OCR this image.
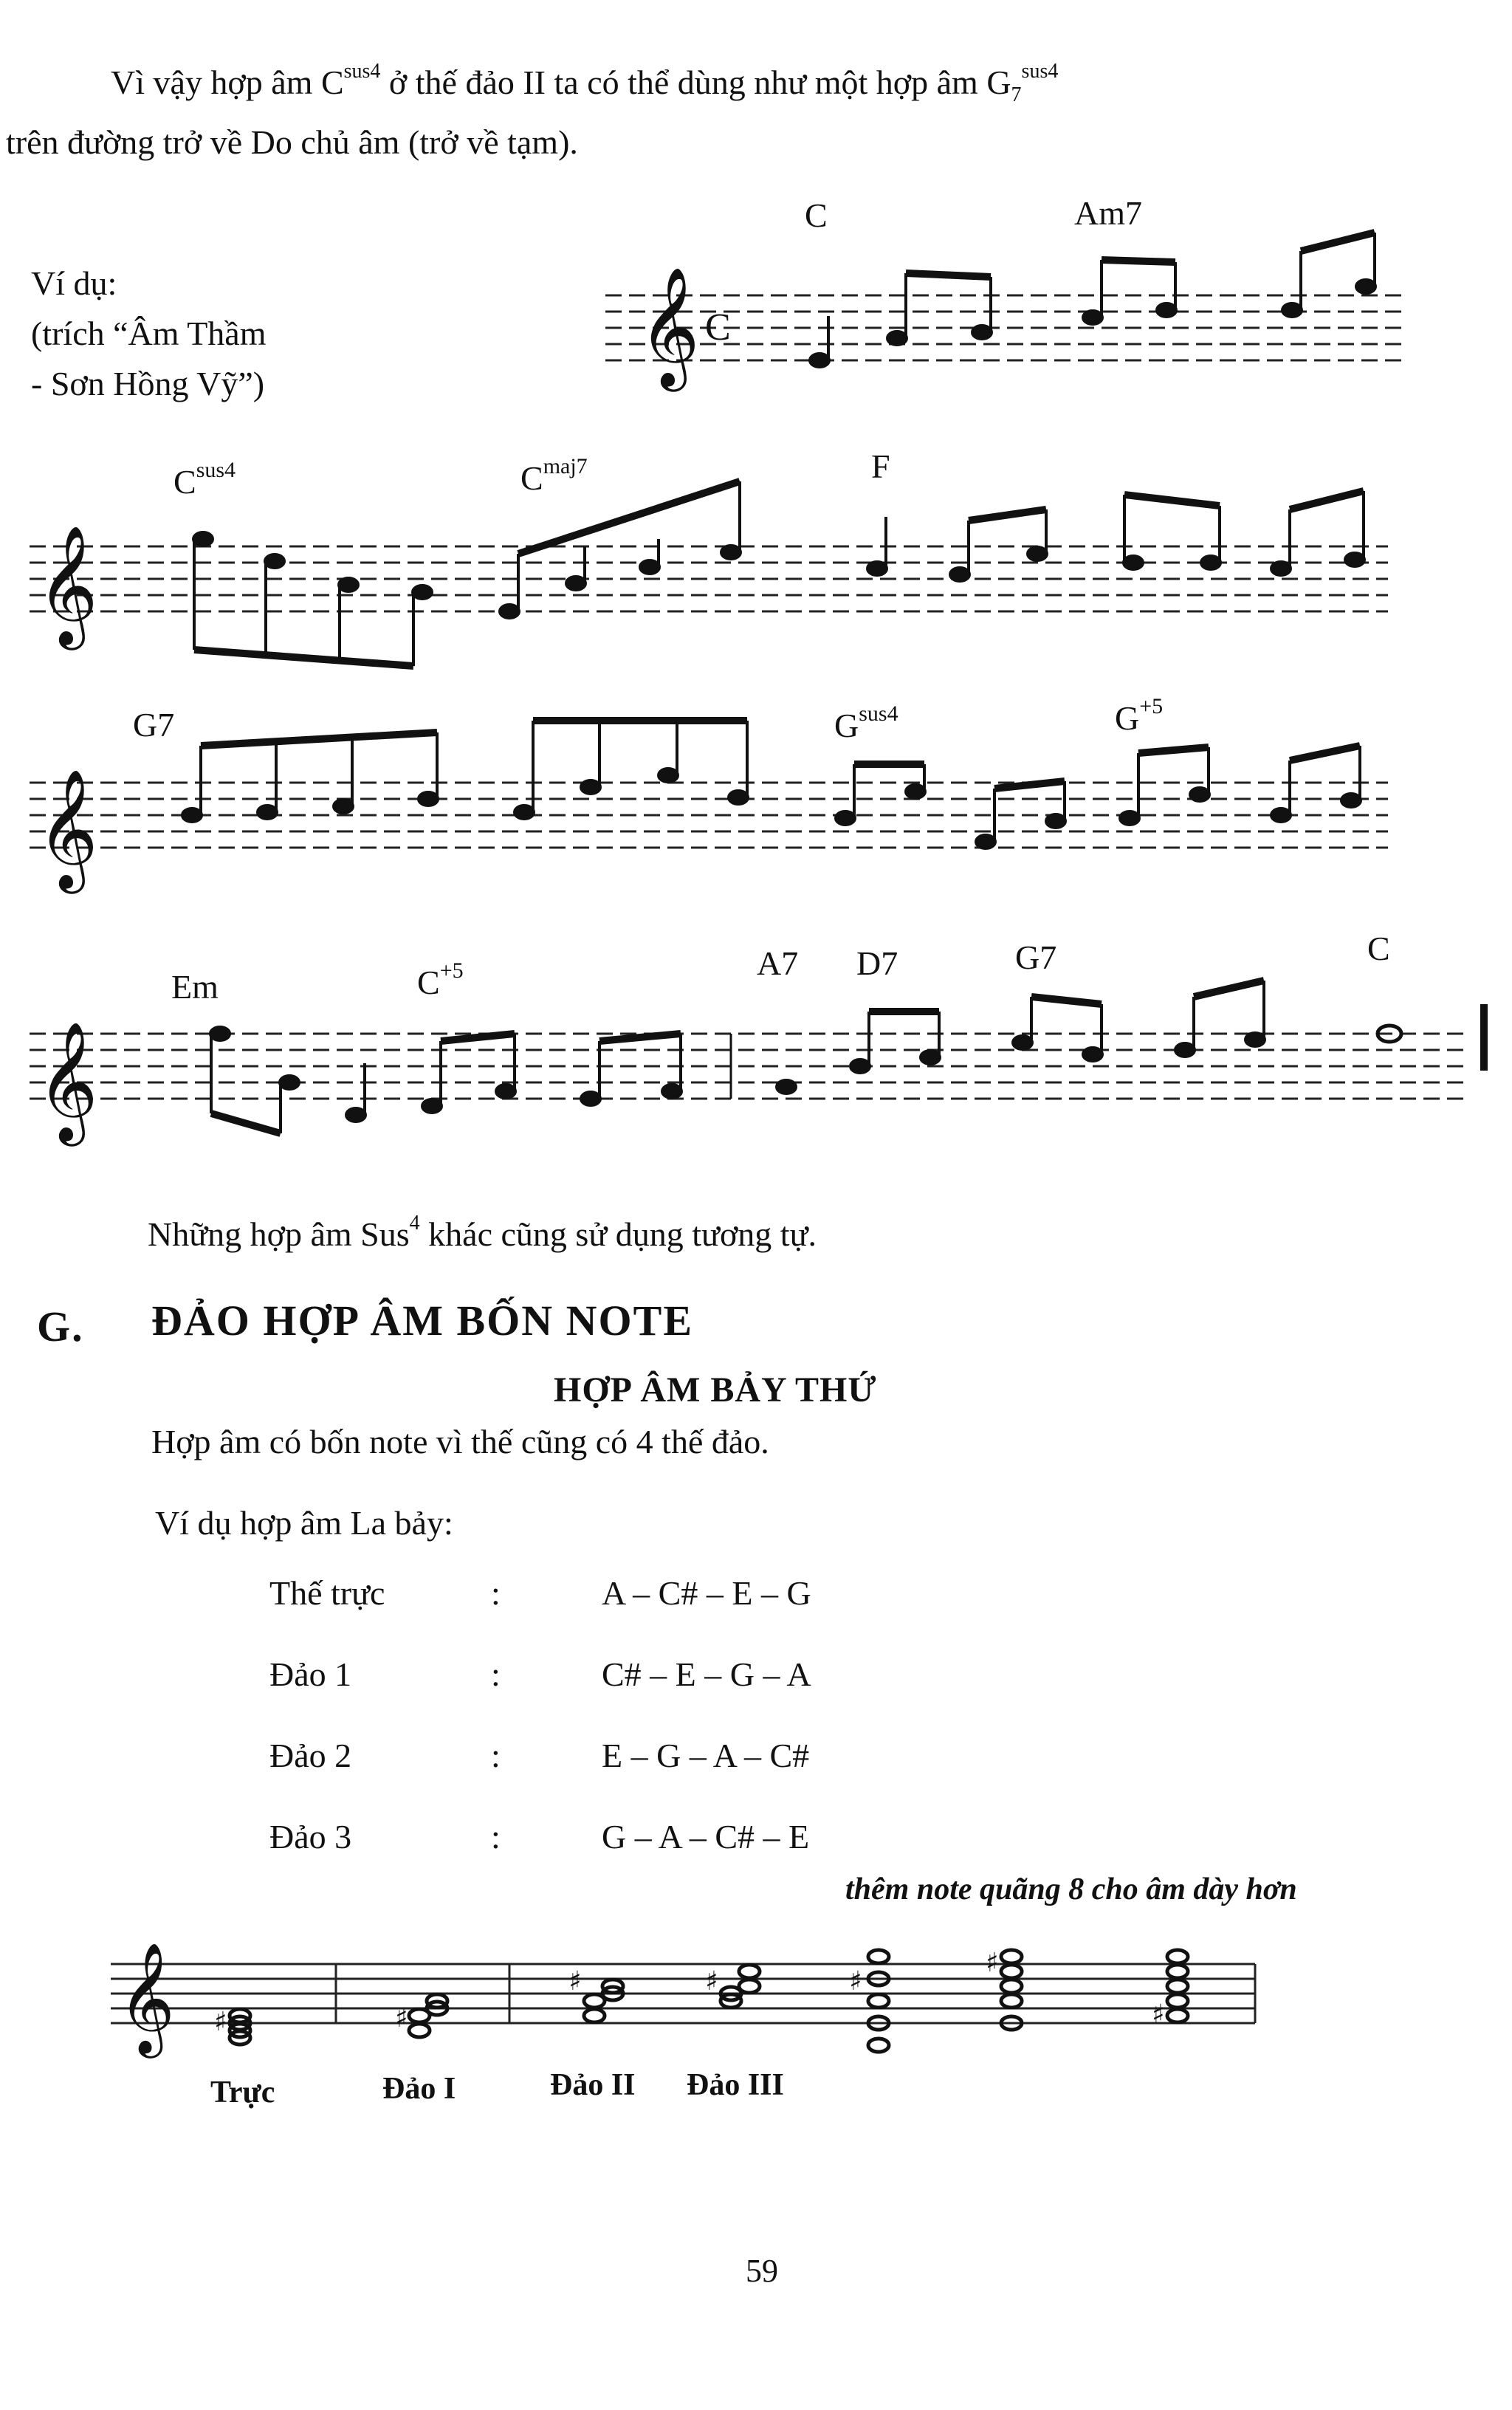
Vì vậy hợp âm $C^{sus4}$ ở thế đảo II ta có thể dùng như một hợp âm $G_7^{sus4}$
trên đường trở về Do chủ âm (trở về tạm).
Ví dụ:
(trích “Âm Thầm
- Sơn Hồng Vỹ”)
C	Am7
𝄞 C
$C^{sus4}$	$C^{maj7}$	F
𝄞
G7	$G^{sus4}$	$G^{+5}$
𝄞
Em	$C^{+5}$	A7 D7	G7	C
𝄞
Những hợp âm Sus$^4$ khác cũng sử dụng tương tự.
G. ĐẢO HỢP ÂM BỐN NOTE
HỢP ÂM BẢY THỨ
Hợp âm có bốn note vì thế cũng có 4 thế đảo.
Ví dụ hợp âm La bảy:
Thế trực	:	A – C# – E – G
Đảo 1	:	C# – E – G – A
Đảo 2	:	E – G – A – C#
Đảo 3	:	G – A – C# – E
thêm note quãng 8 cho âm dày hơn
𝄞 ♯	♯
♯	♯	♯
♯
♯
Trực	Đảo I	Đảo II Đảo III
59
